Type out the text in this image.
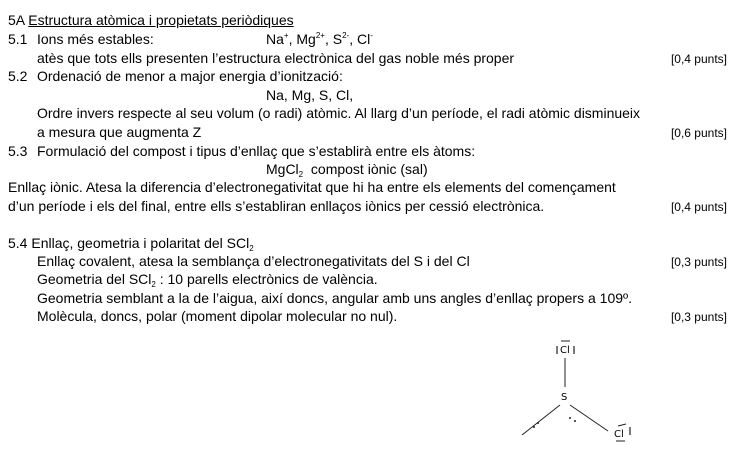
5A Estructura atòmica i propietats periòdiques
5.1 Ions més estables:	Na+, $Mg^{2+}$, $S^{2-}$, Cl-
atès que tots ells presenten l’estructura electrònica del gas noble més proper	[0,4 punts]
5.2 Ordenació de menor a major energia d’ionització:
Na, Mg, S, Cl,
Ordre invers respecte al seu volum (o radi) atòmic. Al llarg d’un període, el radi atòmic disminueix
a mesura que augmenta Z	[0,6 punts]
5.3 Formulació del compost i tipus d’enllaç que s’establirà entre els àtoms:
MgCl$_2$  compost iònic (sal)
Enllaç iònic. Atesa la diferencia d’electronegativitat que hi ha entre els elements del començament
d’un període i els del final, entre ells s’establiran enllaços iònics per cessió electrònica.	[0,4 punts]
5.4 Enllaç, geometria i polaritat del SCl$_2$
Enllaç covalent, atesa la semblança d’electronegativitats del S i del Cl	[0,3 punts]
Geometria del SCl$_2$ : 10 parells electrònics de valència.
Geometria semblant a la de l’aigua, així doncs, angular amb uns angles d’enllaç propers a 109º.
Molècula, doncs, polar (moment dipolar molecular no nul).	[0,3 punts]
Cl
S
Cl
